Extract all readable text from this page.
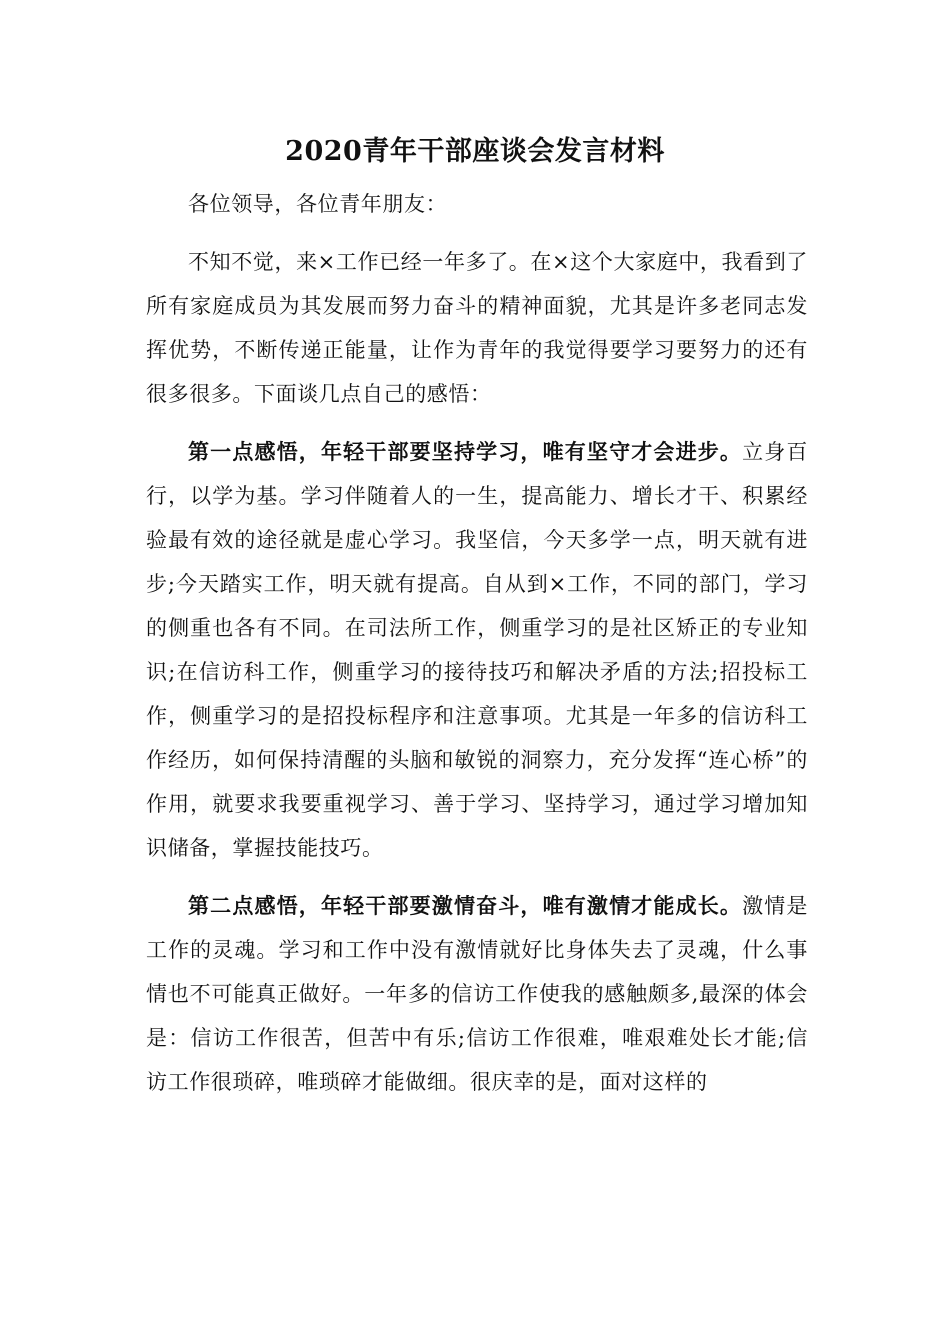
2020青年干部座谈会发言材料

各位领导，各位青年朋友：

不知不觉，来×工作已经一年多了。在×这个大家庭中，我看到了所有家庭成员为其发展而努力奋斗的精神面貌，尤其是许多老同志发挥优势，不断传递正能量，让作为青年的我觉得要学习要努力的还有很多很多。下面谈几点自己的感悟：

第一点感悟，年轻干部要坚持学习，唯有坚守才会进步。立身百行，以学为基。学习伴随着人的一生，提高能力、增长才干、积累经验最有效的途径就是虚心学习。我坚信，今天多学一点，明天就有进步;今天踏实工作，明天就有提高。自从到×工作，不同的部门，学习的侧重也各有不同。在司法所工作，侧重学习的是社区矫正的专业知识;在信访科工作，侧重学习的接待技巧和解决矛盾的方法;招投标工作，侧重学习的是招投标程序和注意事项。尤其是一年多的信访科工作经历，如何保持清醒的头脑和敏锐的洞察力，充分发挥“连心桥”的作用，就要求我要重视学习、善于学习、坚持学习，通过学习增加知识储备，掌握技能技巧。

第二点感悟，年轻干部要激情奋斗，唯有激情才能成长。激情是工作的灵魂。学习和工作中没有激情就好比身体失去了灵魂，什么事情也不可能真正做好。一年多的信访工作使我的感触颇多,最深的体会是：信访工作很苦，但苦中有乐;信访工作很难，唯艰难处长才能;信访工作很琐碎，唯琐碎才能做细。很庆幸的是，面对这样的
